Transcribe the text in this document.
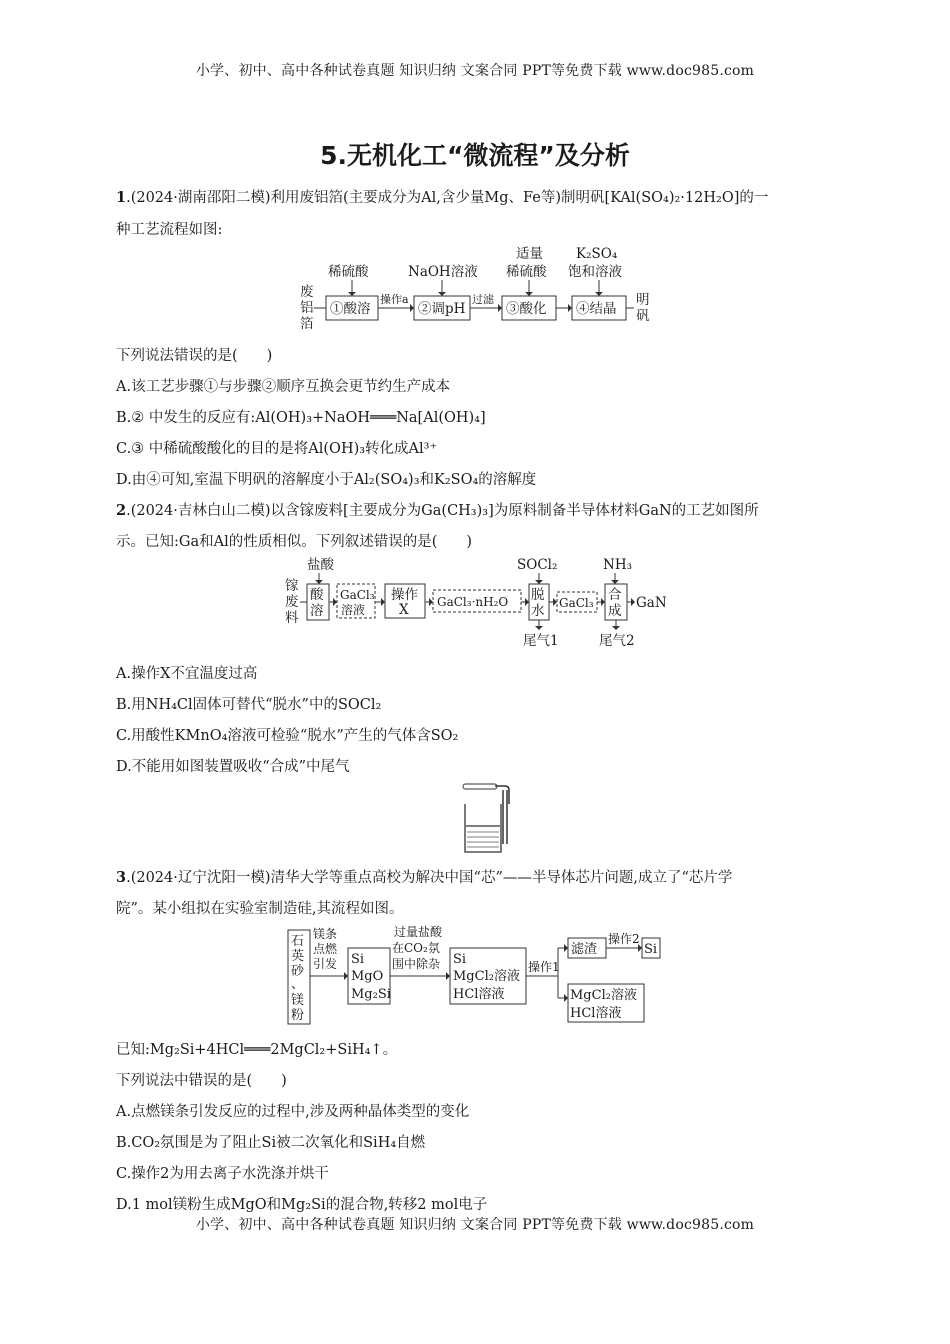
小学、初中、高中各种试卷真题 知识归纳 文案合同 PPT等免费下载 www.doc985.com
小学、初中、高中各种试卷真题 知识归纳 文案合同 PPT等免费下载 www.doc985.com
5.无机化工“微流程”及分析
1.(2024·湖南邵阳二模)利用废铝箔(主要成分为Al,含少量Mg、Fe等)制明矾[KAl(SO₄)₂·12H₂O]的一
种工艺流程如图:
废
铝
箔
①酸溶	②调pH	③酸化 ④结晶
操作a	过滤	明
矾
稀硫酸	NaOH溶液
适量
稀硫酸
K₂SO₄
饱和溶液
下列说法错误的是(　　)
A.该工艺步骤①与步骤②顺序互换会更节约生产成本
B.② 中发生的反应有:Al(OH)₃+NaOH═══Na[Al(OH)₄]
C.③ 中稀硫酸酸化的目的是将Al(OH)₃转化成Al³⁺
D.由④可知,室温下明矾的溶解度小于Al₂(SO₄)₃和K₂SO₄的溶解度
2.(2024·吉林白山二模)以含镓废料[主要成分为Ga(CH₃)₃]为原料制备半导体材料GaN的工艺如图所
示。已知:Ga和Al的性质相似。下列叙述错误的是(　　)
镓
废
料
盐酸
酸
溶
GaCl₃
溶液
操作
X GaCl₃·nH₂O
SOCl₂
脱
水
尾气1
GaCl₃
NH₃
合
成
尾气2
GaN
A.操作X不宜温度过高
B.用NH₄Cl固体可替代“脱水”中的SOCl₂
C.用酸性KMnO₄溶液可检验“脱水”产生的气体含SO₂
D.不能用如图装置吸收“合成”中尾气
3.(2024·辽宁沈阳一模)清华大学等重点高校为解决中国“芯”——半导体芯片问题,成立了“芯片学
院”。某小组拟在实验室制造硅,其流程如图。
石
英
砂
、
镁
粉
镁条
点燃
引发 Si
MgO
Mg₂Si
过量盐酸
在CO₂氛
围中除杂 Si
MgCl₂溶液
HCl溶液
操作1
滤渣
操作2
Si
MgCl₂溶液
HCl溶液
已知:Mg₂Si+4HCl═══2MgCl₂+SiH₄↑。
下列说法中错误的是(　　)
A.点燃镁条引发反应的过程中,涉及两种晶体类型的变化
B.CO₂氛围是为了阻止Si被二次氧化和SiH₄自燃
C.操作2为用去离子水洗涤并烘干
D.1 mol镁粉生成MgO和Mg₂Si的混合物,转移2 mol电子
